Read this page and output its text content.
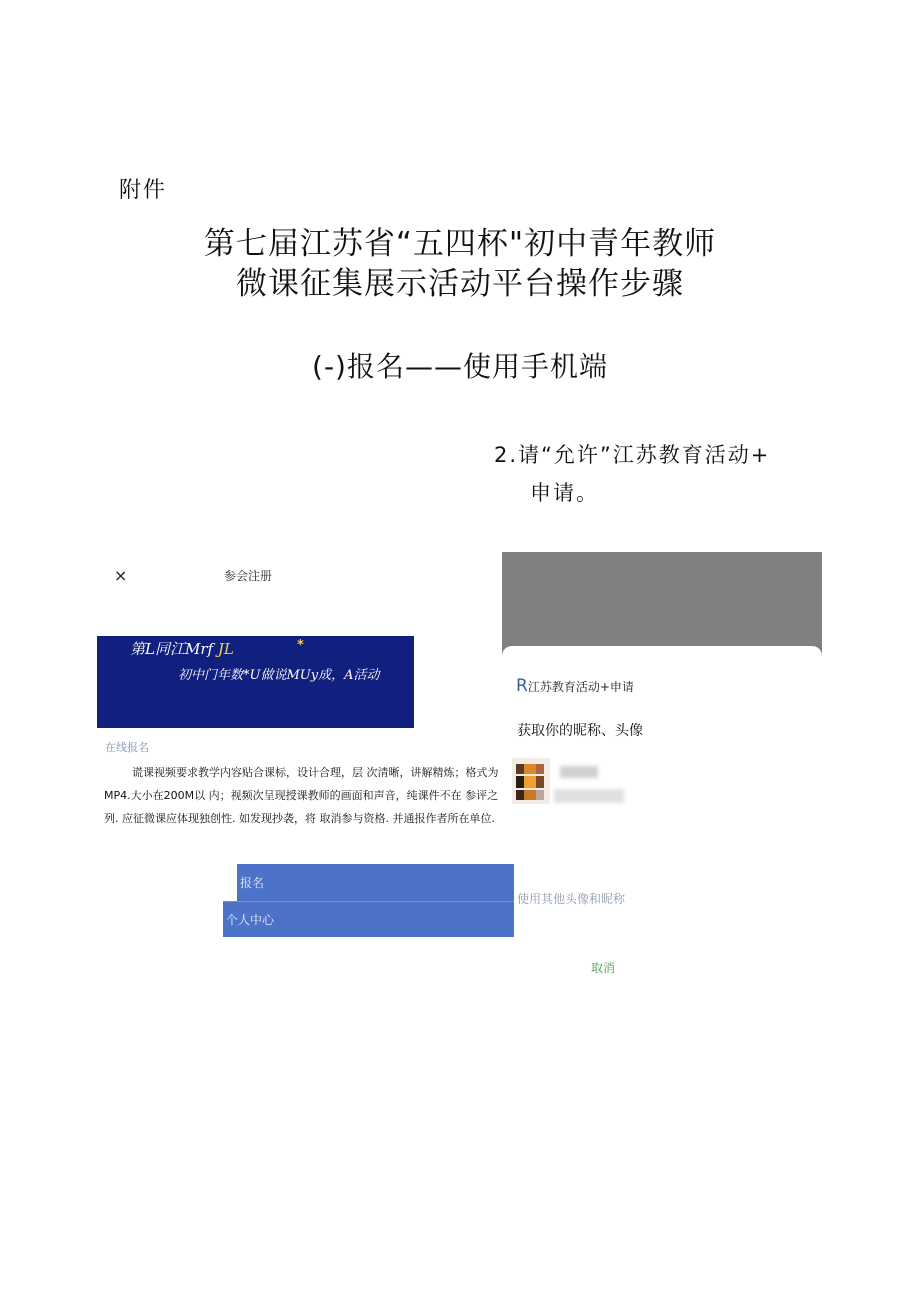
附件
第七届江苏省“五四杯"初中青年教师
微课征集展示活动平台操作步骤
(-)报名——使用手机端
2.请“允许”江苏教育活动+
申请。
×	参会注册
第L同江Mrf JL	*
初中门年数*U做说MUy成，A活动
在线报名
谎课视频要求教学内容贴合课标，设计合理，层 次清晰，讲解精炼；格式为MP4.大小在200M以 内；视频次呈现授课教师的画面和声音，纯课件不在 参评之列. 应征微课应体现独创性. 如发现抄袭，将 取消参与资格. 并通报作者所在单位.
报名
个人中心
R江苏教育活动+申请
获取你的昵称、头像
使用其他头像和昵称
取消
